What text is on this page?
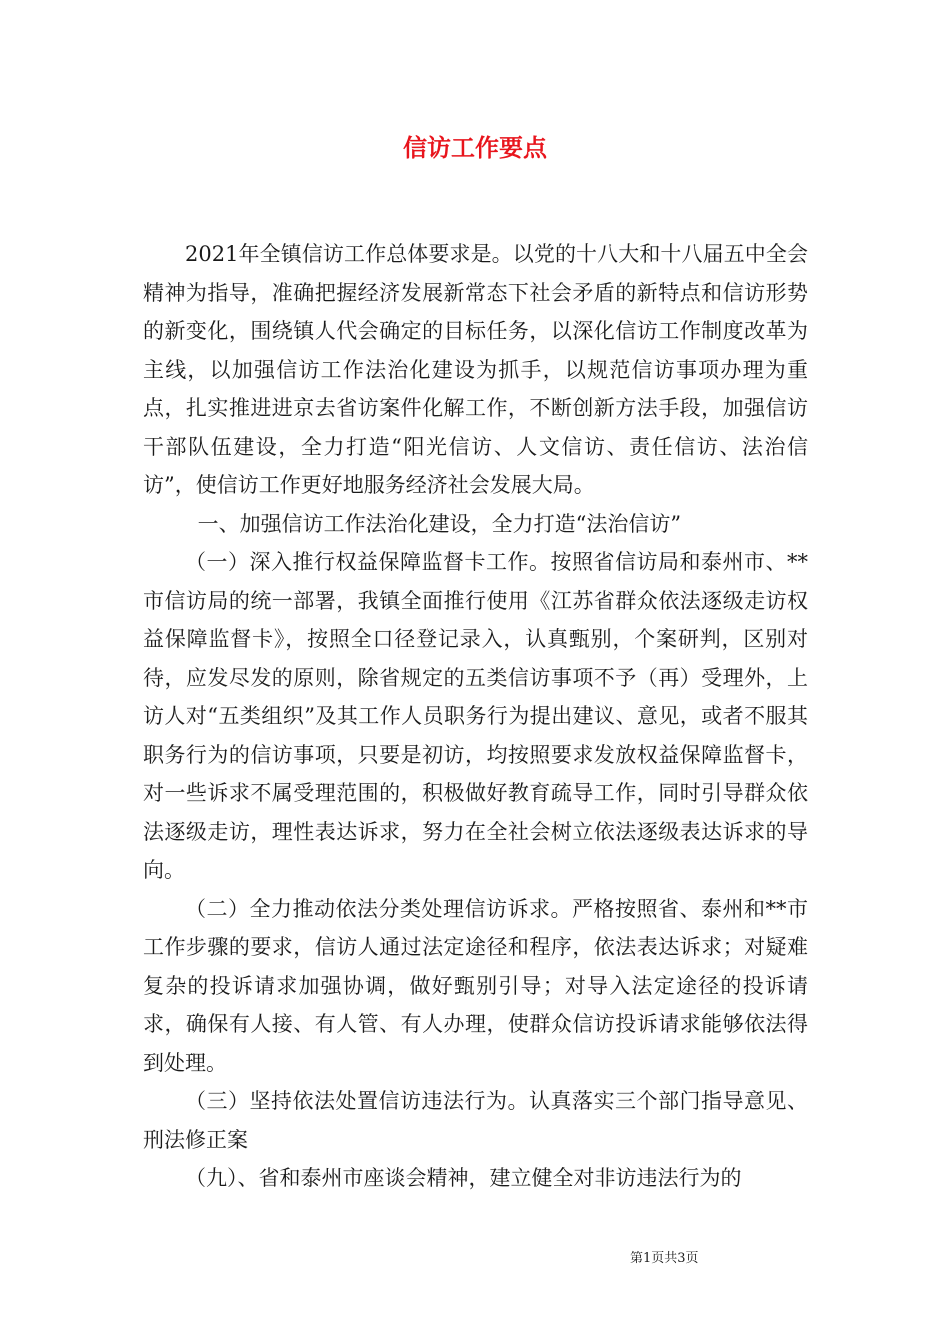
信访工作要点

2021年全镇信访工作总体要求是。以党的十八大和十八届五中全会精神为指导，准确把握经济发展新常态下社会矛盾的新特点和信访形势的新变化，围绕镇人代会确定的目标任务，以深化信访工作制度改革为主线，以加强信访工作法治化建设为抓手，以规范信访事项办理为重点，扎实推进进京去省访案件化解工作，不断创新方法手段，加强信访干部队伍建设，全力打造“阳光信访、人文信访、责任信访、法治信访”，使信访工作更好地服务经济社会发展大局。

一、加强信访工作法治化建设，全力打造“法治信访”

（一）深入推行权益保障监督卡工作。按照省信访局和泰州市、**市信访局的统一部署，我镇全面推行使用《江苏省群众依法逐级走访权益保障监督卡》，按照全口径登记录入，认真甄别，个案研判，区别对待，应发尽发的原则，除省规定的五类信访事项不予（再）受理外，上访人对“五类组织”及其工作人员职务行为提出建议、意见，或者不服其职务行为的信访事项，只要是初访，均按照要求发放权益保障监督卡，对一些诉求不属受理范围的，积极做好教育疏导工作，同时引导群众依法逐级走访，理性表达诉求，努力在全社会树立依法逐级表达诉求的导向。

（二）全力推动依法分类处理信访诉求。严格按照省、泰州和**市工作步骤的要求，信访人通过法定途径和程序，依法表达诉求；对疑难复杂的投诉请求加强协调，做好甄别引导；对导入法定途径的投诉请求，确保有人接、有人管、有人办理，使群众信访投诉请求能够依法得到处理。

（三）坚持依法处置信访违法行为。认真落实三个部门指导意见、刑法修正案

（九）、省和泰州市座谈会精神，建立健全对非访违法行为的

第1页共3页
